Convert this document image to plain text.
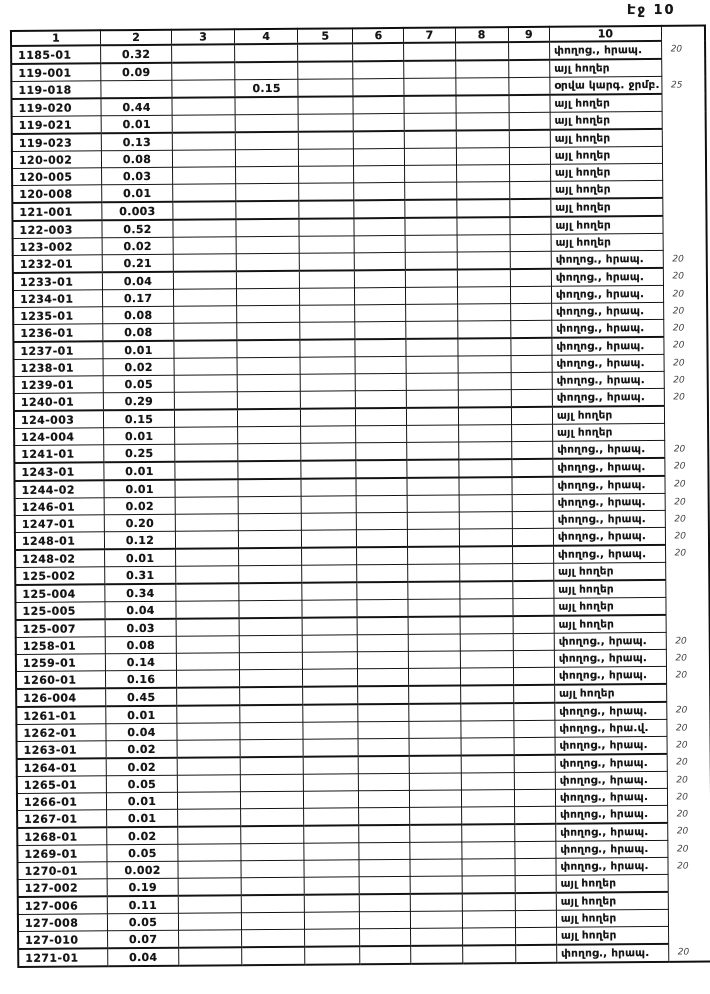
Էջ 10
1	2	3	4	5	6	7	8	9	10	
1185-01	0.32								փողոց., հրապ.	20
119-001	0.09								այլ հողեր	
119-018			0.15						օրվա կարգ. ջրմբ.	25
119-020	0.44								այլ հողեր	
119-021	0.01								այլ հողեր	
119-023	0.13								այլ հողեր	
120-002	0.08								այլ հողեր	
120-005	0.03								այլ հողեր	
120-008	0.01								այլ հողեր	
121-001	0.003								այլ հողեր	
122-003	0.52								այլ հողեր	
123-002	0.02								այլ հողեր	
1232-01	0.21								փողոց., հրապ.	20
1233-01	0.04								փողոց., հրապ.	20
1234-01	0.17								փողոց., հրապ.	20
1235-01	0.08								փողոց., հրապ.	20
1236-01	0.08								փողոց., հրապ.	20
1237-01	0.01								փողոց., հրապ.	20
1238-01	0.02								փողոց., հրապ.	20
1239-01	0.05								փողոց., հրապ.	20
1240-01	0.29								փողոց., հրապ.	20
124-003	0.15								այլ հողեր	
124-004	0.01								այլ հողեր	
1241-01	0.25								փողոց., հրապ.	20
1243-01	0.01								փողոց., հրապ.	20
1244-02	0.01								փողոց., հրապ.	20
1246-01	0.02								փողոց., հրապ.	20
1247-01	0.20								փողոց., հրապ.	20
1248-01	0.12								փողոց., հրապ.	20
1248-02	0.01								փողոց., հրապ.	20
125-002	0.31								այլ հողեր	
125-004	0.34								այլ հողեր	
125-005	0.04								այլ հողեր	
125-007	0.03								այլ հողեր	
1258-01	0.08								փողոց., հրապ.	20
1259-01	0.14								փողոց., հրապ.	20
1260-01	0.16								փողոց., հրապ.	20
126-004	0.45								այլ հողեր	
1261-01	0.01								փողոց., հրապ.	20
1262-01	0.04								փողոց., հրա.վ.	20
1263-01	0.02								փողոց., հրապ.	20
1264-01	0.02								փողոց., հրապ.	20
1265-01	0.05								փողոց., հրապ.	20
1266-01	0.01								փողոց., հրապ.	20
1267-01	0.01								փողոց., հրապ.	20
1268-01	0.02								փողոց., հրապ.	20
1269-01	0.05								փողոց., հրապ.	20
1270-01	0.002								փողոց., հրապ.	20
127-002	0.19								այլ հողեր	
127-006	0.11								այլ հողեր	
127-008	0.05								այլ հողեր	
127-010	0.07								այլ հողեր	
1271-01	0.04								փողոց., հրապ.	20
